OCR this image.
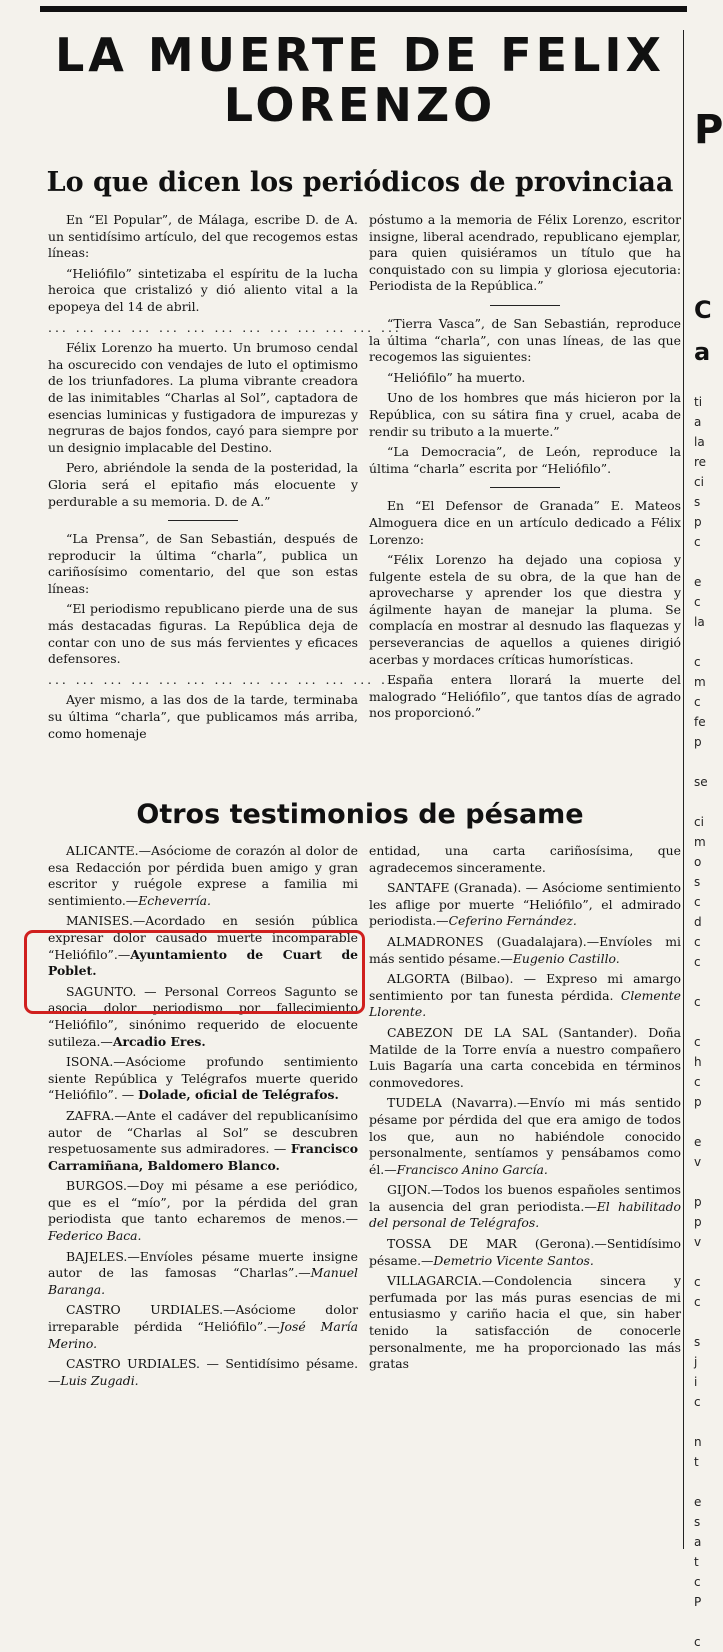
LA MUERTE DE FELIX LORENZO
Lo que dicen los periódicos de provinciaa

En “El Popular”, de Málaga, escribe D. de A. un sentidísimo artículo, del que recogemos estas líneas:

“Heliófilo” sintetizaba el espíritu de la lucha heroica que cristalizó y dió aliento vital a la epopeya del 14 de abril.

... ... ... ... ... ... ... ... ... ... ... ... ...

Félix Lorenzo ha muerto. Un brumoso cendal ha oscurecido con vendajes de luto el optimismo de los triunfadores. La pluma vibrante creadora de las inimitables “Charlas al Sol”, captadora de esencias luminicas y fustigadora de impurezas y negruras de bajos fondos, cayó para siempre por un designio implacable del Destino.

Pero, abriéndole la senda de la posteridad, la Gloria será el epitafio más elocuente y perdurable a su memoria. D. de A.”

“La Prensa”, de San Sebastián, después de reproducir la última “charla”, publica un cariñosísimo comentario, del que son estas líneas:

“El periodismo republicano pierde una de sus más destacadas figuras. La República deja de contar con uno de sus más fervientes y eficaces defensores.

... ... ... ... ... ... ... ... ... ... ... ... ...

Ayer mismo, a las dos de la tarde, terminaba su última “charla”, que publicamos más arriba, como homenaje

póstumo a la memoria de Félix Lorenzo, escritor insigne, liberal acendrado, republicano ejemplar, para quien quisiéramos un título que ha conquistado con su limpia y gloriosa ejecutoria: Periodista de la República.”

“Tierra Vasca”, de San Sebastián, reproduce la última “charla”, con unas líneas, de las que recogemos las siguientes:

“Heliófilo” ha muerto.

Uno de los hombres que más hicieron por la República, con su sátira fina y cruel, acaba de rendir su tributo a la muerte.”

“La Democracia”, de León, reproduce la última “charla” escrita por “Heliófilo”.

En “El Defensor de Granada” E. Mateos Almoguera dice en un artículo dedicado a Félix Lorenzo:

“Félix Lorenzo ha dejado una copiosa y fulgente estela de su obra, de la que han de aprovecharse y aprender los que diestra y ágilmente hayan de manejar la pluma. Se complacía en mostrar al desnudo las flaquezas y perseverancias de aquellos a quienes dirigió acerbas y mordaces críticas humorísticas.

España entera llorará la muerte del malogrado “Heliófilo”, que tantos días de agrado nos proporcionó.”

Otros testimonios de pésame

ALICANTE.—Asóciome de corazón al dolor de esa Redacción por pérdida buen amigo y gran escritor y ruégole exprese a familia mi sentimiento.—Echeverría.

MANISES.—Acordado en sesión pública expresar dolor causado muerte incomparable “Heliófilo”.—Ayuntamiento de Cuart de Poblet.

SAGUNTO. — Personal Correos Sagunto se asocia dolor periodismo por fallecimiento “Heliófilo”, sinónimo requerido de elocuente sutileza.—Arcadio Eres.

ISONA.—Asóciome profundo sentimiento siente República y Telégrafos muerte querido “Heliófilo”. — Dolade, oficial de Telégrafos.

ZAFRA.—Ante el cadáver del republicanísimo autor de “Charlas al Sol” se descubren respetuosamente sus admiradores. — Francisco Carramiñana, Baldomero Blanco.

BURGOS.—Doy mi pésame a ese periódico, que es el “mío”, por la pérdida del gran periodista que tanto echaremos de menos.—Federico Baca.

BAJELES.—Envíoles pésame muerte insigne autor de las famosas “Charlas”.—Manuel Baranga.

CASTRO URDIALES.—Asóciome dolor irreparable pérdida “Heliófilo”.—José María Merino.

CASTRO URDIALES. — Sentidísimo pésame.—Luis Zugadi.

entidad, una carta cariñosísima, que agradecemos sinceramente.

SANTAFE (Granada). — Asóciome sentimiento les aflige por muerte “Heliófilo”, el admirado periodista.—Ceferino Fernández.

ALMADRONES (Guadalajara).—Envíoles mi más sentido pésame.—Eugenio Castillo.

ALGORTA (Bilbao). — Expreso mi amargo sentimiento por tan funesta pérdida. Clemente Llorente.

CABEZON DE LA SAL (Santander). Doña Matilde de la Torre envía a nuestro compañero Luis Bagaría una carta concebida en términos conmovedores.

TUDELA (Navarra).—Envío mi más sentido pésame por pérdida del que era amigo de todos los que, aun no habiéndole conocido personalmente, sentíamos y pensábamos como él.—Francisco Anino García.

GIJON.—Todos los buenos españoles sentimos la ausencia del gran periodista.—El habilitado del personal de Telégrafos.

TOSSA DE MAR (Gerona).—Sentidísimo pésame.—Demetrio Vicente Santos.

VILLAGARCIA.—Condolencia sincera y perfumada por las más puras esencias de mi entusiasmo y cariño hacia el que, sin haber tenido la satisfacción de conocerle personalmente, me ha proporcionado las más gratas

P
C
a
ti
a
la
re
ci
s
p
c

e
c
la

c
m
c
fe
p

se

ci
m
o
s
c
d
c
c

c

c
h
c
p

e
v

p
p
v

c
c

s
j
i
c

n
t

e
s
a
t
c
P

c
